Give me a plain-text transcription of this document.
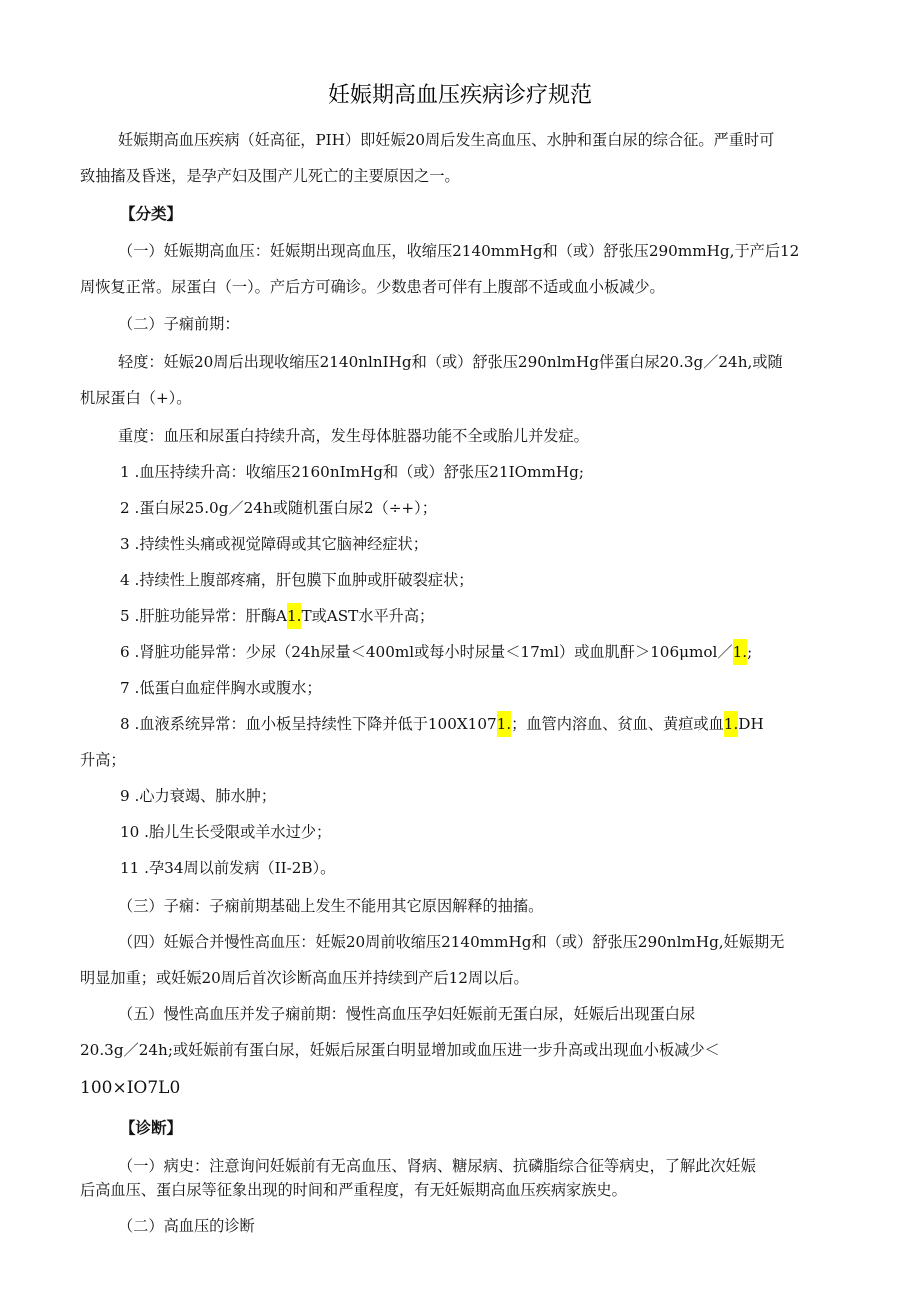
妊娠期高血压疾病诊疗规范
妊娠期高血压疾病（妊高征，PIH）即妊娠20周后发生高血压、水肿和蛋白尿的综合征。严重时可
致抽搐及昏迷，是孕产妇及围产儿死亡的主要原因之一。
【分类】
（一）妊娠期高血压：妊娠期出现高血压，收缩压2140mmHg和（或）舒张压290mmHg,于产后12
周恢复正常。尿蛋白（一）。产后方可确诊。少数患者可伴有上腹部不适或血小板减少。
（二）子痫前期：
轻度：妊娠20周后出现收缩压2140nlnIHg和（或）舒张压290nlmHg伴蛋白尿20.3g／24h,或随
机尿蛋白（+）。
重度：血压和尿蛋白持续升高，发生母体脏器功能不全或胎儿并发症。
1 .血压持续升高：收缩压2160nImHg和（或）舒张压21IOmmHg;
2 .蛋白尿25.0g／24h或随机蛋白尿2（÷+）；
3 .持续性头痛或视觉障碍或其它脑神经症状；
4 .持续性上腹部疼痛，肝包膜下血肿或肝破裂症状；
5 .肝脏功能异常：肝酶A1.T或AST水平升高；
6 .肾脏功能异常：少尿（24h尿量＜400ml或每小时尿量＜17ml）或血肌酐＞106μmol／1.;
7 .低蛋白血症伴胸水或腹水；
8 .血液系统异常：血小板呈持续性下降并低于100X1071.；血管内溶血、贫血、黄疸或血1.DH
升高；
9 .心力衰竭、肺水肿；
10 .胎儿生长受限或羊水过少；
11 .孕34周以前发病（II-2B）。
（三）子痫：子痫前期基础上发生不能用其它原因解释的抽搐。
（四）妊娠合并慢性高血压：妊娠20周前收缩压2140mmHg和（或）舒张压290nlmHg,妊娠期无
明显加重；或妊娠20周后首次诊断高血压并持续到产后12周以后。
（五）慢性高血压并发子痫前期：慢性高血压孕妇妊娠前无蛋白尿，妊娠后出现蛋白尿
20.3g／24h;或妊娠前有蛋白尿，妊娠后尿蛋白明显增加或血压进一步升高或出现血小板减少＜
100×IO7L0
【诊断】
（一）病史：注意询问妊娠前有无高血压、肾病、糖尿病、抗磷脂综合征等病史，了解此次妊娠
后高血压、蛋白尿等征象出现的时间和严重程度，有无妊娠期高血压疾病家族史。
（二）高血压的诊断
